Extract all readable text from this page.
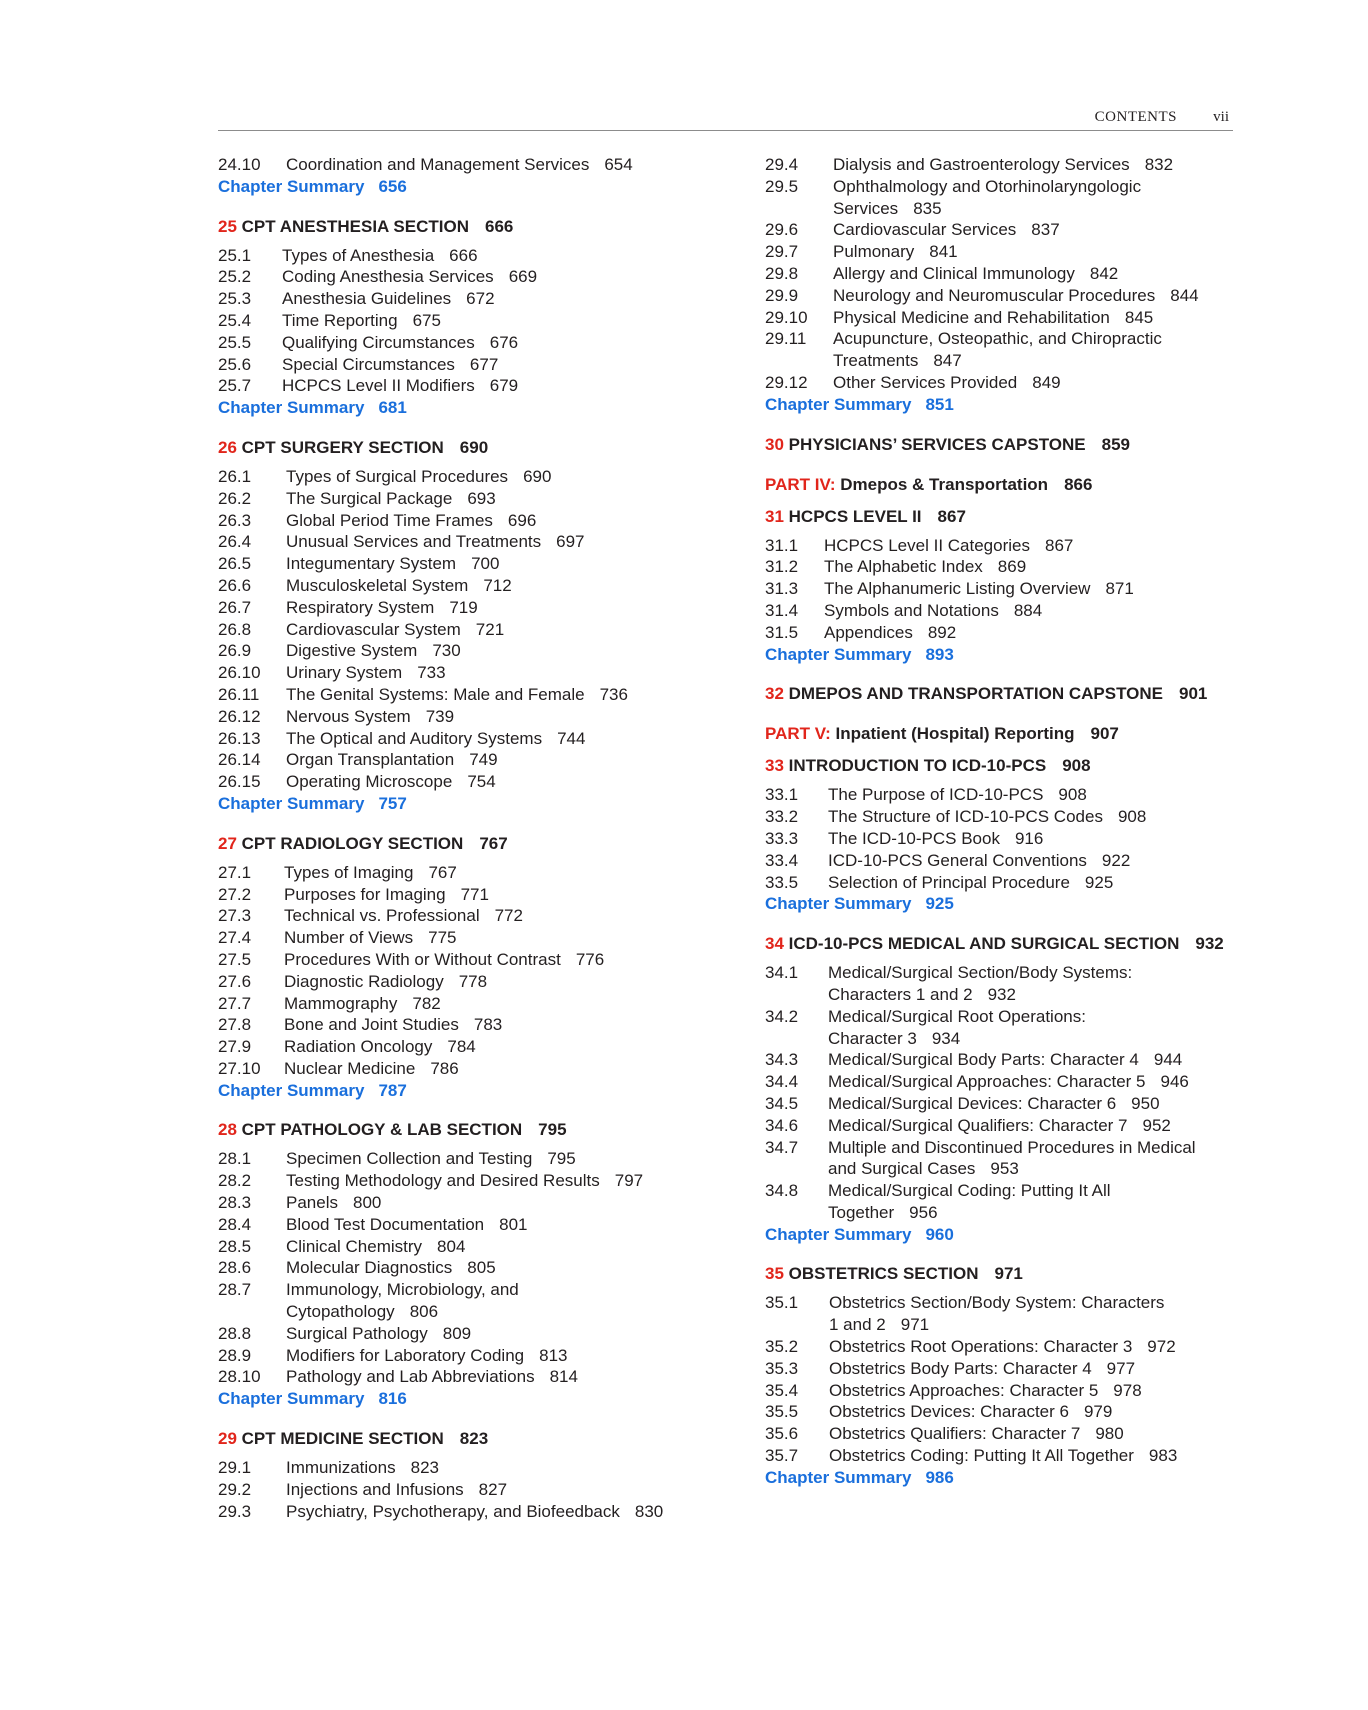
CONTENTS vii
24.10	Coordination and Management Services 654
Chapter Summary 656
25 CPT ANESTHESIA SECTION 666
25.1	Types of Anesthesia 666
25.2	Coding Anesthesia Services 669
25.3	Anesthesia Guidelines 672
25.4	Time Reporting 675
25.5	Qualifying Circumstances 676
25.6	Special Circumstances 677
25.7	HCPCS Level II Modifiers 679
Chapter Summary 681
26 CPT SURGERY SECTION 690
26.1	Types of Surgical Procedures 690
26.2	The Surgical Package 693
26.3	Global Period Time Frames 696
26.4	Unusual Services and Treatments 697
26.5	Integumentary System 700
26.6	Musculoskeletal System 712
26.7	Respiratory System 719
26.8	Cardiovascular System 721
26.9	Digestive System 730
26.10	Urinary System 733
26.11	The Genital Systems: Male and Female 736
26.12	Nervous System 739
26.13	The Optical and Auditory Systems 744
26.14	Organ Transplantation 749
26.15	Operating Microscope 754
Chapter Summary 757
27 CPT RADIOLOGY SECTION 767
27.1	Types of Imaging 767
27.2	Purposes for Imaging 771
27.3	Technical vs. Professional 772
27.4	Number of Views 775
27.5	Procedures With or Without Contrast 776
27.6	Diagnostic Radiology 778
27.7	Mammography 782
27.8	Bone and Joint Studies 783
27.9	Radiation Oncology 784
27.10	Nuclear Medicine 786
Chapter Summary 787
28 CPT PATHOLOGY & LAB SECTION 795
28.1	Specimen Collection and Testing 795
28.2	Testing Methodology and Desired Results 797
28.3	Panels 800
28.4	Blood Test Documentation 801
28.5	Clinical Chemistry 804
28.6	Molecular Diagnostics 805
28.7	Immunology, Microbiology, and
Cytopathology 806
28.8	Surgical Pathology 809
28.9	Modifiers for Laboratory Coding 813
28.10	Pathology and Lab Abbreviations 814
Chapter Summary 816
29 CPT MEDICINE SECTION 823
29.1	Immunizations 823
29.2	Injections and Infusions 827
29.3	Psychiatry, Psychotherapy, and Biofeedback 830
29.4	Dialysis and Gastroenterology Services 832
29.5	Ophthalmology and Otorhinolaryngologic
Services 835
29.6	Cardiovascular Services 837
29.7	Pulmonary 841
29.8	Allergy and Clinical Immunology 842
29.9	Neurology and Neuromuscular Procedures 844
29.10	Physical Medicine and Rehabilitation 845
29.11	Acupuncture, Osteopathic, and Chiropractic
Treatments 847
29.12	Other Services Provided 849
Chapter Summary 851
30 PHYSICIANS’ SERVICES CAPSTONE 859
PART IV: Dmepos & Transportation 866
31 HCPCS LEVEL II 867
31.1	HCPCS Level II Categories 867
31.2	The Alphabetic Index 869
31.3	The Alphanumeric Listing Overview 871
31.4	Symbols and Notations 884
31.5	Appendices 892
Chapter Summary 893
32 DMEPOS AND TRANSPORTATION CAPSTONE 901
PART V: Inpatient (Hospital) Reporting 907
33 INTRODUCTION TO ICD-10-PCS 908
33.1	The Purpose of ICD-10-PCS 908
33.2	The Structure of ICD-10-PCS Codes 908
33.3	The ICD-10-PCS Book 916
33.4	ICD-10-PCS General Conventions 922
33.5	Selection of Principal Procedure 925
Chapter Summary 925
34 ICD-10-PCS MEDICAL AND SURGICAL SECTION 932
34.1	Medical/Surgical Section/Body Systems:
Characters 1 and 2 932
34.2	Medical/Surgical Root Operations:
Character 3 934
34.3	Medical/Surgical Body Parts: Character 4 944
34.4	Medical/Surgical Approaches: Character 5 946
34.5	Medical/Surgical Devices: Character 6 950
34.6	Medical/Surgical Qualifiers: Character 7 952
34.7	Multiple and Discontinued Procedures in Medical
and Surgical Cases 953
34.8	Medical/Surgical Coding: Putting It All
Together 956
Chapter Summary 960
35 OBSTETRICS SECTION 971
35.1	Obstetrics Section/Body System: Characters
1 and 2 971
35.2	Obstetrics Root Operations: Character 3 972
35.3	Obstetrics Body Parts: Character 4 977
35.4	Obstetrics Approaches: Character 5 978
35.5	Obstetrics Devices: Character 6 979
35.6	Obstetrics Qualifiers: Character 7 980
35.7	Obstetrics Coding: Putting It All Together 983
Chapter Summary 986
